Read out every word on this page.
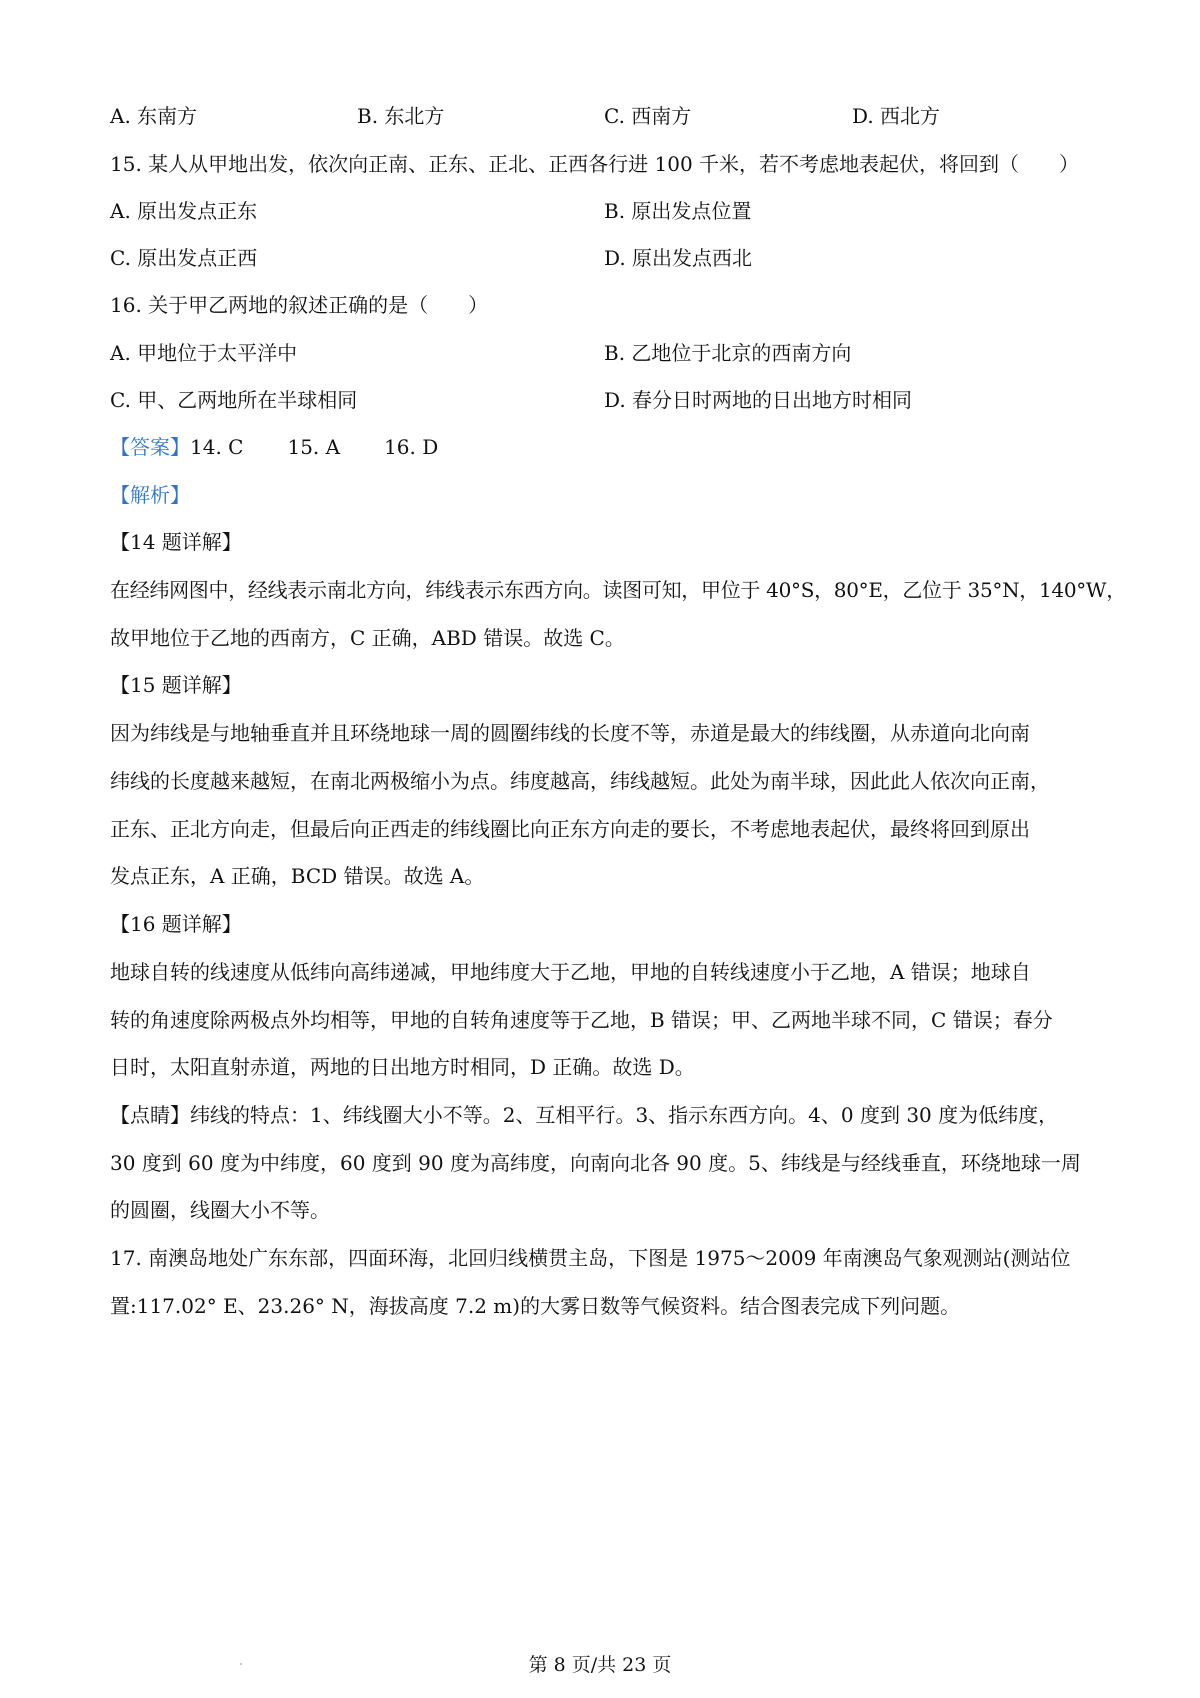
A. 东南方	B. 东北方	C. 西南方	D. 西北方
15. 某人从甲地出发，依次向正南、正东、正北、正西各行进 100 千米，若不考虑地表起伏，将回到（　　）
A. 原出发点正东	B. 原出发点位置
C. 原出发点正西	D. 原出发点西北
16. 关于甲乙两地的叙述正确的是（　　）
A. 甲地位于太平洋中	B. 乙地位于北京的西南方向
C. 甲、乙两地所在半球相同	D. 春分日时两地的日出地方时相同
【答案】14. C 15. A 16. D
【解析】
【14 题详解】
在经纬网图中，经线表示南北方向，纬线表示东西方向。读图可知，甲位于 40°S，80°E，乙位于 35°N，140°W，
故甲地位于乙地的西南方，C 正确，ABD 错误。故选 C。
【15 题详解】
因为纬线是与地轴垂直并且环绕地球一周的圆圈纬线的长度不等，赤道是最大的纬线圈，从赤道向北向南
纬线的长度越来越短，在南北两极缩小为点。纬度越高，纬线越短。此处为南半球，因此此人依次向正南，
正东、正北方向走，但最后向正西走的纬线圈比向正东方向走的要长，不考虑地表起伏，最终将回到原出
发点正东，A 正确，BCD 错误。故选 A。
【16 题详解】
地球自转的线速度从低纬向高纬递减，甲地纬度大于乙地，甲地的自转线速度小于乙地，A 错误；地球自
转的角速度除两极点外均相等，甲地的自转角速度等于乙地，B 错误；甲、乙两地半球不同，C 错误；春分
日时，太阳直射赤道，两地的日出地方时相同，D 正确。故选 D。
【点睛】纬线的特点：1、纬线圈大小不等。2、互相平行。3、指示东西方向。4、0 度到 30 度为低纬度，
30 度到 60 度为中纬度，60 度到 90 度为高纬度，向南向北各 90 度。5、纬线是与经线垂直，环绕地球一周
的圆圈，线圈大小不等。
17. 南澳岛地处广东东部，四面环海，北回归线横贯主岛，下图是 1975～2009 年南澳岛气象观测站(测站位
置:117.02° E、23.26° N，海拔高度 7.2 m)的大雾日数等气候资料。结合图表完成下列问题。
第 8 页/共 23 页
